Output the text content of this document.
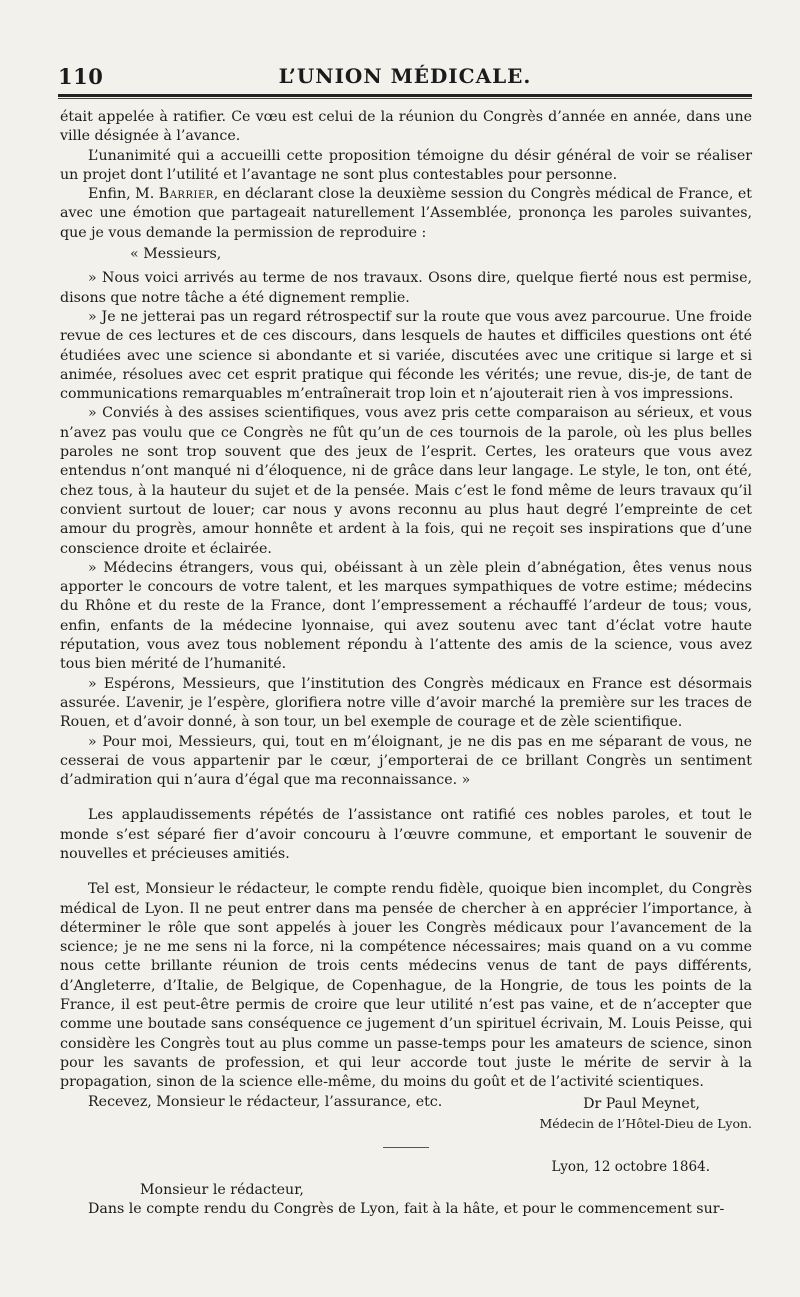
110	L’UNION MÉDICALE.

était appelée à ratifier. Ce vœu est celui de la réunion du Congrès d’année en année, dans une ville désignée à l’avance.

L’unanimité qui a accueilli cette proposition témoigne du désir général de voir se réaliser un projet dont l’utilité et l’avantage ne sont plus contestables pour personne.

Enfin, M. Barrier, en déclarant close la deuxième session du Congrès médical de France, et avec une émotion que partageait naturellement l’Assemblée, prononça les paroles suivantes, que je vous demande la permission de reproduire :

« Messieurs,

» Nous voici arrivés au terme de nos travaux. Osons dire, quelque fierté nous est permise, disons que notre tâche a été dignement remplie.

» Je ne jetterai pas un regard rétrospectif sur la route que vous avez parcourue. Une froide revue de ces lectures et de ces discours, dans lesquels de hautes et difficiles questions ont été étudiées avec une science si abondante et si variée, discutées avec une critique si large et si animée, résolues avec cet esprit pratique qui féconde les vérités; une revue, dis-je, de tant de communications remarquables m’entraînerait trop loin et n’ajouterait rien à vos impressions.

» Conviés à des assises scientifiques, vous avez pris cette comparaison au sérieux, et vous n’avez pas voulu que ce Congrès ne fût qu’un de ces tournois de la parole, où les plus belles paroles ne sont trop souvent que des jeux de l’esprit. Certes, les orateurs que vous avez entendus n’ont manqué ni d’éloquence, ni de grâce dans leur langage. Le style, le ton, ont été, chez tous, à la hauteur du sujet et de la pensée. Mais c’est le fond même de leurs travaux qu’il convient surtout de louer; car nous y avons reconnu au plus haut degré l’empreinte de cet amour du progrès, amour honnête et ardent à la fois, qui ne reçoit ses inspirations que d’une conscience droite et éclairée.

» Médecins étrangers, vous qui, obéissant à un zèle plein d’abnégation, êtes venus nous apporter le concours de votre talent, et les marques sympathiques de votre estime; médecins du Rhône et du reste de la France, dont l’empressement a réchauffé l’ardeur de tous; vous, enfin, enfants de la médecine lyonnaise, qui avez soutenu avec tant d’éclat votre haute réputation, vous avez tous noblement répondu à l’attente des amis de la science, vous avez tous bien mérité de l’humanité.

» Espérons, Messieurs, que l’institution des Congrès médicaux en France est désormais assurée. L’avenir, je l’espère, glorifiera notre ville d’avoir marché la première sur les traces de Rouen, et d’avoir donné, à son tour, un bel exemple de courage et de zèle scientifique.

» Pour moi, Messieurs, qui, tout en m’éloignant, je ne dis pas en me séparant de vous, ne cesserai de vous appartenir par le cœur, j’emporterai de ce brillant Congrès un sentiment d’admiration qui n’aura d’égal que ma reconnaissance. »

Les applaudissements répétés de l’assistance ont ratifié ces nobles paroles, et tout le monde s’est séparé fier d’avoir concouru à l’œuvre commune, et emportant le souvenir de nouvelles et précieuses amitiés.

Tel est, Monsieur le rédacteur, le compte rendu fidèle, quoique bien incomplet, du Congrès médical de Lyon. Il ne peut entrer dans ma pensée de chercher à en apprécier l’importance, à déterminer le rôle que sont appelés à jouer les Congrès médicaux pour l’avancement de la science; je ne me sens ni la force, ni la compétence nécessaires; mais quand on a vu comme nous cette brillante réunion de trois cents médecins venus de tant de pays différents, d’Angleterre, d’Italie, de Belgique, de Copenhague, de la Hongrie, de tous les points de la France, il est peut-être permis de croire que leur utilité n’est pas vaine, et de n’accepter que comme une boutade sans conséquence ce jugement d’un spirituel écrivain, M. Louis Peisse, qui considère les Congrès tout au plus comme un passe-temps pour les amateurs de science, sinon pour les savants de profession, et qui leur accorde tout juste le mérite de servir à la propagation, sinon de la science elle-même, du moins du goût et de l’activité scientiques.

Recevez, Monsieur le rédacteur, l’assurance, etc.	Dr Paul Meynet,
Médecin de l’Hôtel-Dieu de Lyon.

Lyon, 12 octobre 1864.

Monsieur le rédacteur,

Dans le compte rendu du Congrès de Lyon, fait à la hâte, et pour le commencement sur-
